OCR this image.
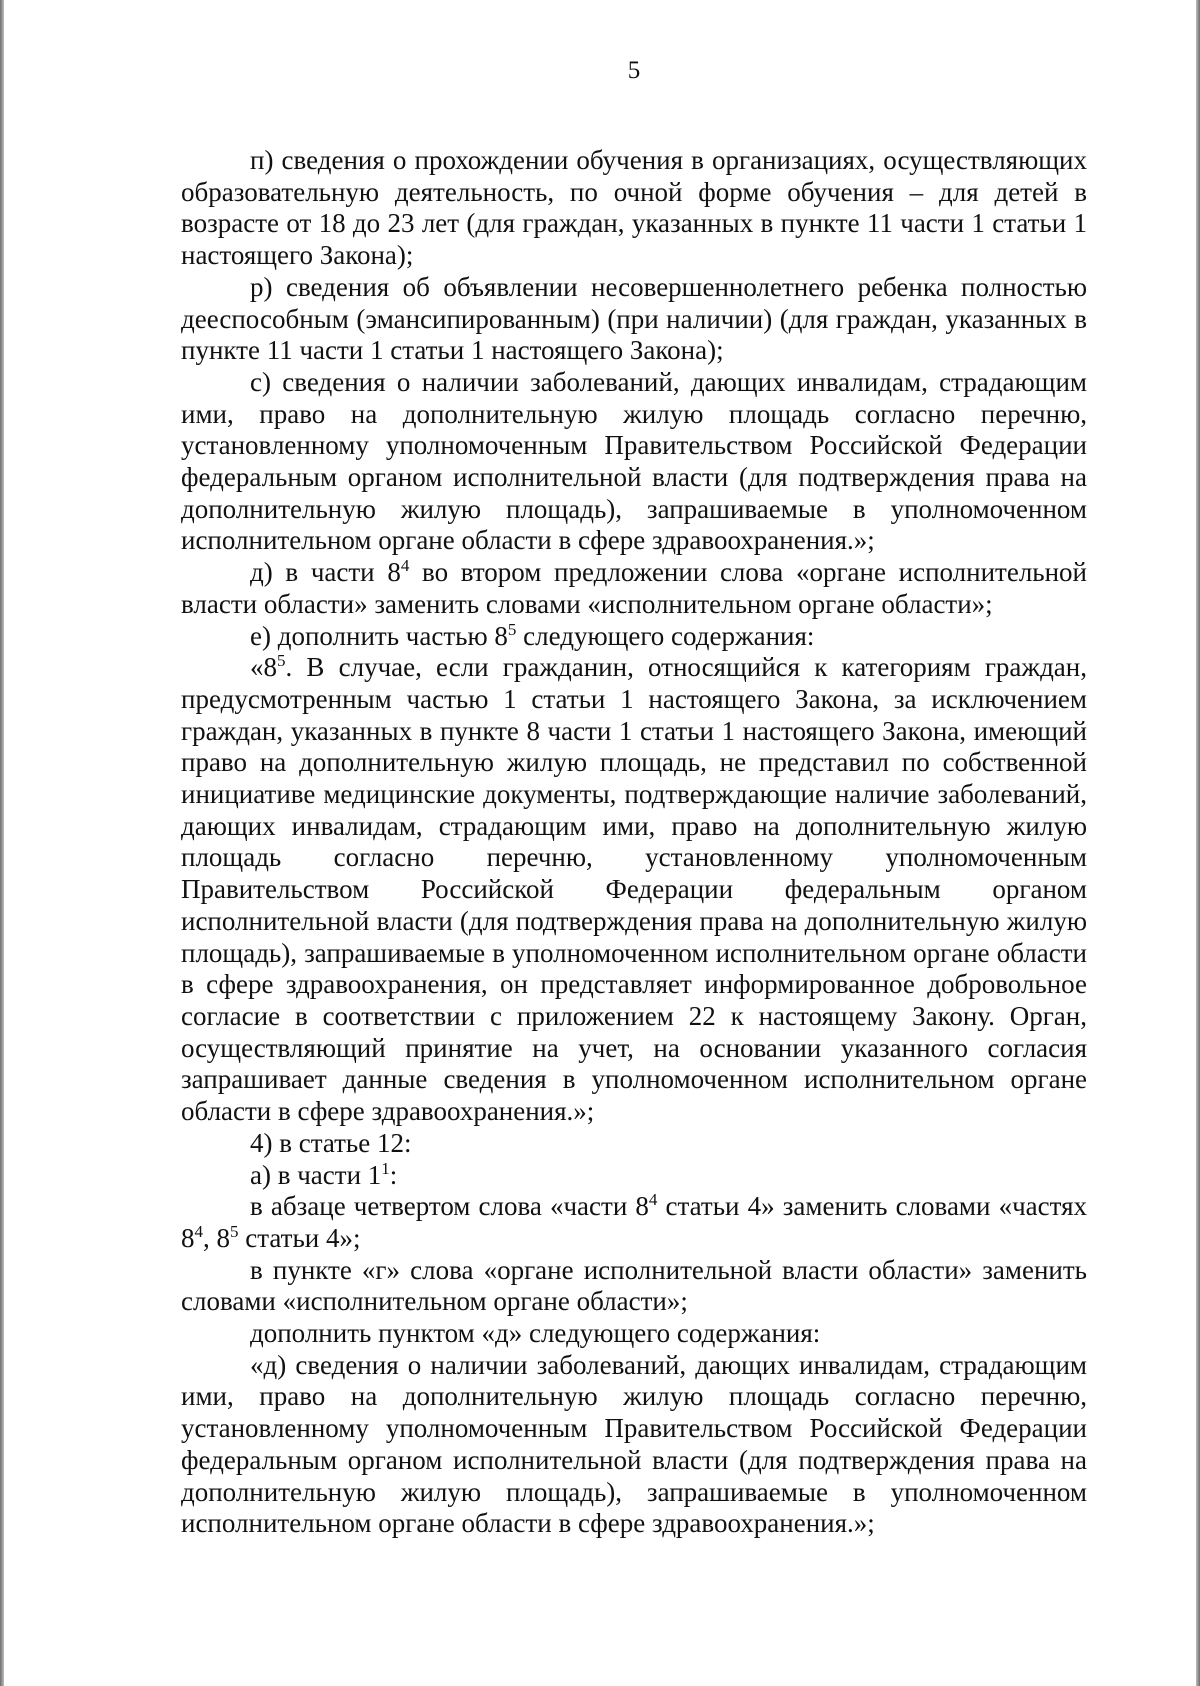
5

п) сведения о прохождении обучения в организациях, осуществляющих образовательную деятельность, по очной форме обучения – для детей в возрасте от 18 до 23 лет (для граждан, указанных в пункте 11 части 1 статьи 1 настоящего Закона);

р) сведения об объявлении несовершеннолетнего ребенка полностью дееспособным (эмансипированным) (при наличии) (для граждан, указанных в пункте 11 части 1 статьи 1 настоящего Закона);

с) сведения о наличии заболеваний, дающих инвалидам, страдающим ими, право на дополнительную жилую площадь согласно перечню, установленному уполномоченным Правительством Российской Федерации федеральным органом исполнительной власти (для подтверждения права на дополнительную жилую площадь), запрашиваемые в уполномоченном исполнительном органе области в сфере здравоохранения.»;

д) в части $8^4$ во втором предложении слова «органе исполнительной власти области» заменить словами «исполнительном органе области»;

е) дополнить частью $8^5$ следующего содержания:

«$8^5$. В случае, если гражданин, относящийся к категориям граждан, предусмотренным частью 1 статьи 1 настоящего Закона, за исключением граждан, указанных в пункте 8 части 1 статьи 1 настоящего Закона, имеющий право на дополнительную жилую площадь, не представил по собственной инициативе медицинские документы, подтверждающие наличие заболеваний, дающих инвалидам, страдающим ими, право на дополнительную жилую площадь согласно перечню, установленному уполномоченным Правительством Российской Федерации федеральным органом исполнительной власти (для подтверждения права на дополнительную жилую площадь), запрашиваемые в уполномоченном исполнительном органе области в сфере здравоохранения, он представляет информированное добровольное согласие в соответствии с приложением 22 к настоящему Закону. Орган, осуществляющий принятие на учет, на основании указанного согласия запрашивает данные сведения в уполномоченном исполнительном органе области в сфере здравоохранения.»;

4) в статье 12:

а) в части $1^1$:

в абзаце четвертом слова «части $8^4$ статьи 4» заменить словами «частях $8^4$, $8^5$ статьи 4»;

в пункте «г» слова «органе исполнительной власти области» заменить словами «исполнительном органе области»;

дополнить пунктом «д» следующего содержания:

«д) сведения о наличии заболеваний, дающих инвалидам, страдающим ими, право на дополнительную жилую площадь согласно перечню, установленному уполномоченным Правительством Российской Федерации федеральным органом исполнительной власти (для подтверждения права на дополнительную жилую площадь), запрашиваемые в уполномоченном исполнительном органе области в сфере здравоохранения.»;
